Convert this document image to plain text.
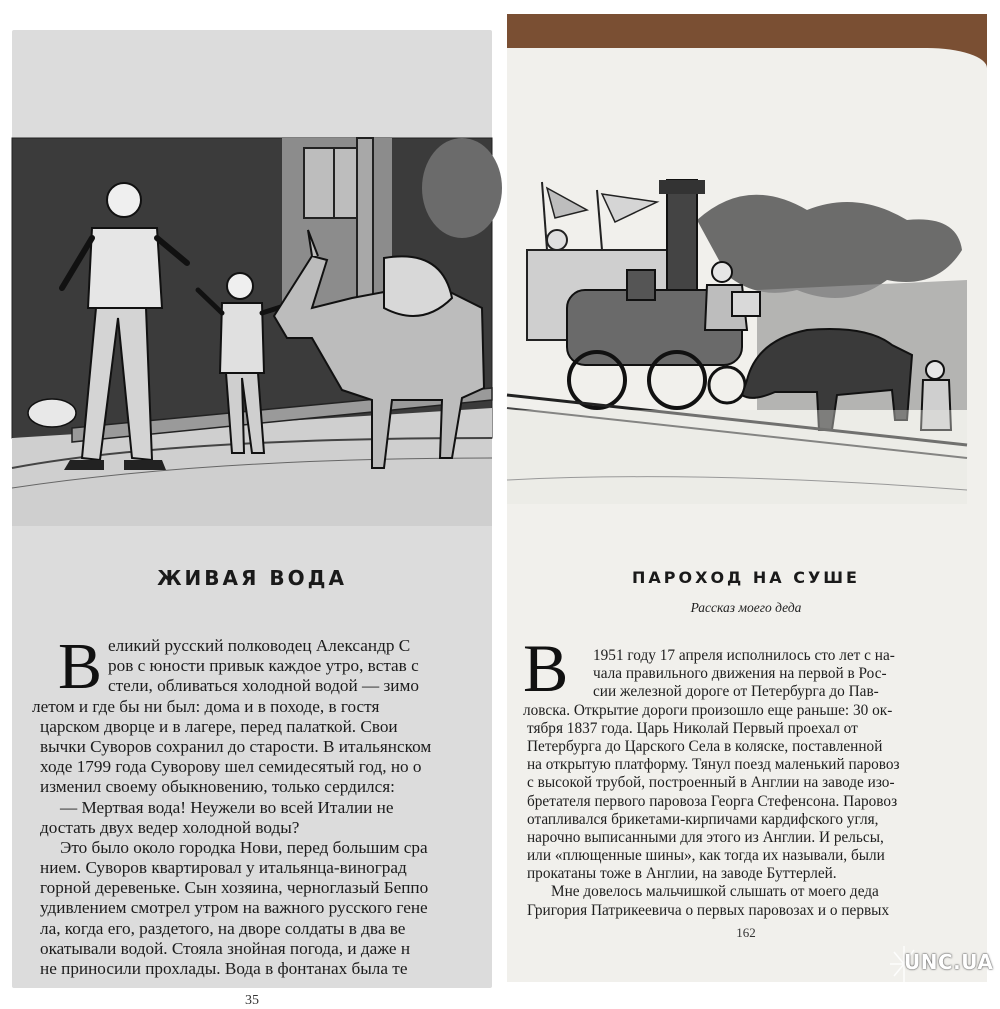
ЖИВАЯ ВОДА
В еликий русский полководец Александр С
ров с юности привык каждое утро, встав с
стели, обливаться холодной водой — зимо
летом и где бы ни был: дома и в походе, в гостя
царском дворце и в лагере, перед палаткой. Свои
вычки Суворов сохранил до старости. В итальянском
ходе 1799 года Суворову шел семидесятый год, но о
изменил своему обыкновению, только сердился:
— Мертвая вода! Неужели во всей Италии не
достать двух ведер холодной воды?
Это было около городка Нови, перед большим сра
нием. Суворов квартировал у итальянца-виноград
горной деревеньке. Сын хозяина, черноглазый Беппо
удивлением смотрел утром на важного русского гене
ла, когда его, раздетого, на дворе солдаты в два ве
окатывали водой. Стояла знойная погода, и даже н
не приносили прохлады. Вода в фонтанах была те
35
ПАРОХОД НА СУШЕ
Рассказ моего деда
В	1951 году 17 апреля исполнилось сто лет с на-
чала правильного движения на первой в Рос-
сии железной дороге от Петербурга до Пав-
ловска. Открытие дороги произошло еще раньше: 30 ок-
тября 1837 года. Царь Николай Первый проехал от
Петербурга до Царского Села в коляске, поставленной
на открытую платформу. Тянул поезд маленький паровоз
с высокой трубой, построенный в Англии на заводе изо-
бретателя первого паровоза Георга Стефенсона. Паровоз
отапливался брикетами-кирпичами кардифского угля,
нарочно выписанными для этого из Англии. И рельсы,
или «плющенные шины», как тогда их называли, были
прокатаны тоже в Англии, на заводе Буттерлей.
Мне довелось мальчишкой слышать от моего деда
Григория Патрикеевича о первых паровозах и о первых
162
UNC.UA
